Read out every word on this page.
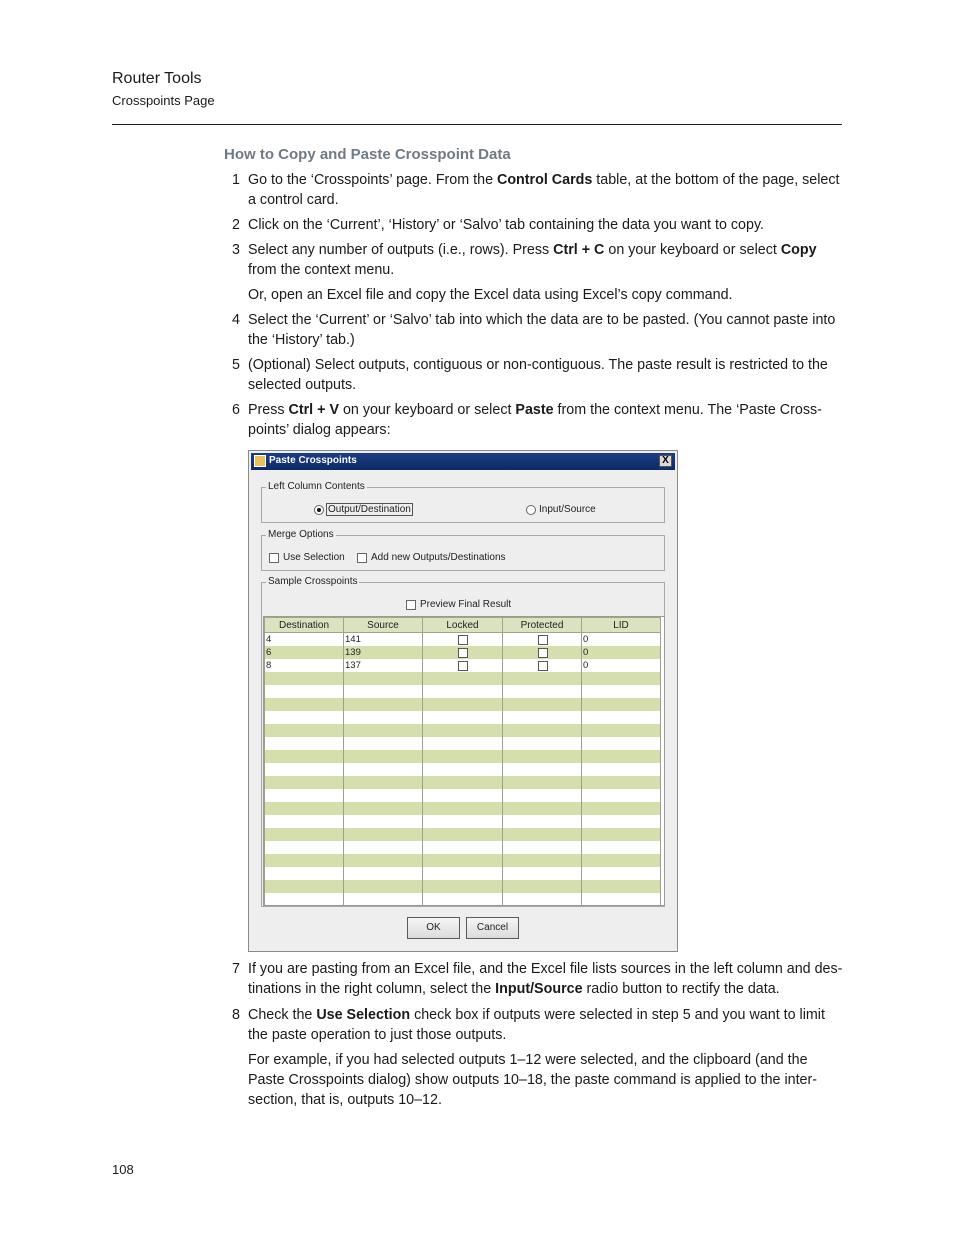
Router Tools
Crosspoints Page
How to Copy and Paste Crosspoint Data
1 Go to the ‘Crosspoints’ page. From the Control Cards table, at the bottom of the page, select a control card.
2 Click on the ‘Current’, ‘History’ or ‘Salvo’ tab containing the data you want to copy.
3 Select any number of outputs (i.e., rows). Press Ctrl + C on your keyboard or select Copy from the context menu.
Or, open an Excel file and copy the Excel data using Excel’s copy command.
4 Select the ‘Current’ or ‘Salvo’ tab into which the data are to be pasted. (You cannot paste into the ‘History’ tab.)
5 (Optional) Select outputs, contiguous or non-contiguous. The paste result is restricted to the selected outputs.
6 Press Ctrl + V on your keyboard or select Paste from the context menu. The ‘Paste Cross-points’ dialog appears:
Paste Crosspoints	X
Left Column Contents
Output/Destination	Input/Source
Merge Options
Use Selection	Add new Outputs/Destinations
Sample Crosspoints
Preview Final Result
Destination	Source	Locked	Protected	LID
4	141			0
6	139			0
8	137			0

OK	Cancel
7 If you are pasting from an Excel file, and the Excel file lists sources in the left column and des-tinations in the right column, select the Input/Source radio button to rectify the data.
8 Check the Use Selection check box if outputs were selected in step 5 and you want to limit the paste operation to just those outputs.
For example, if you had selected outputs 1–12 were selected, and the clipboard (and the Paste Crosspoints dialog) show outputs 10–18, the paste command is applied to the inter-section, that is, outputs 10–12.
108
